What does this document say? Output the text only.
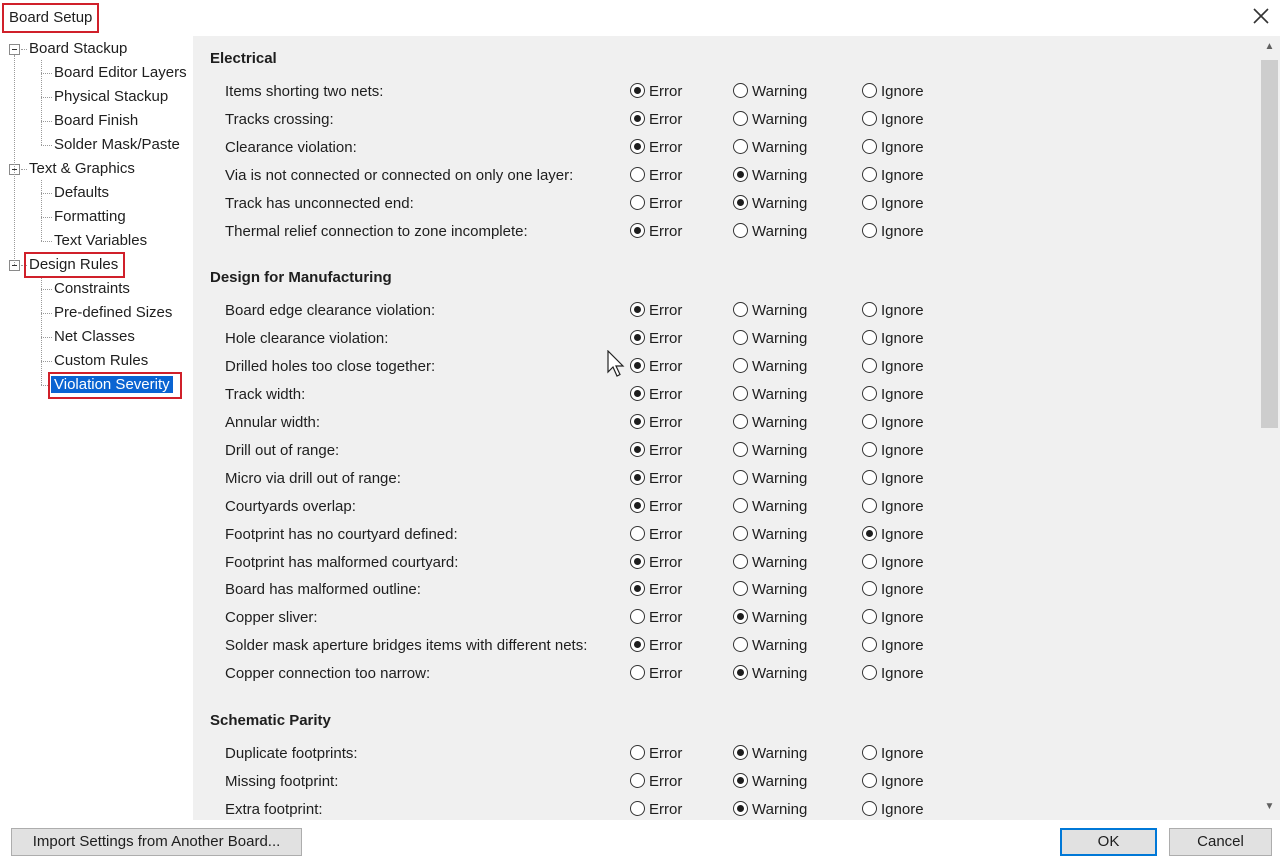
Board Setup
Board Stackup
Board Editor Layers
Physical Stackup
Board Finish
Solder Mask/Paste
Text & Graphics
Defaults
Formatting
Text Variables
Design Rules
Constraints
Pre-defined Sizes
Net Classes
Custom Rules
Violation Severity
Electrical
Items shorting two nets:	Error	Warning	Ignore
Tracks crossing:	Error	Warning	Ignore
Clearance violation:	Error	Warning	Ignore
Via is not connected or connected on only one layer:	Error	Warning	Ignore
Track has unconnected end:	Error	Warning	Ignore
Thermal relief connection to zone incomplete:	Error	Warning	Ignore
Design for Manufacturing
Board edge clearance violation:	Error	Warning	Ignore
Hole clearance violation:	Error	Warning	Ignore
Drilled holes too close together:	Error	Warning	Ignore
Track width:	Error	Warning	Ignore
Annular width:	Error	Warning	Ignore
Drill out of range:	Error	Warning	Ignore
Micro via drill out of range:	Error	Warning	Ignore
Courtyards overlap:	Error	Warning	Ignore
Footprint has no courtyard defined:	Error	Warning	Ignore
Footprint has malformed courtyard:	Error	Warning	Ignore
Board has malformed outline:	Error	Warning	Ignore
Copper sliver:	Error	Warning	Ignore
Solder mask aperture bridges items with different nets:	Error	Warning	Ignore
Copper connection too narrow:	Error	Warning	Ignore
Schematic Parity
Duplicate footprints:	Error	Warning	Ignore
Missing footprint:	Error	Warning	Ignore
Extra footprint:	Error	Warning	Ignore
▲
▼
Import Settings from Another Board...	OK	Cancel
